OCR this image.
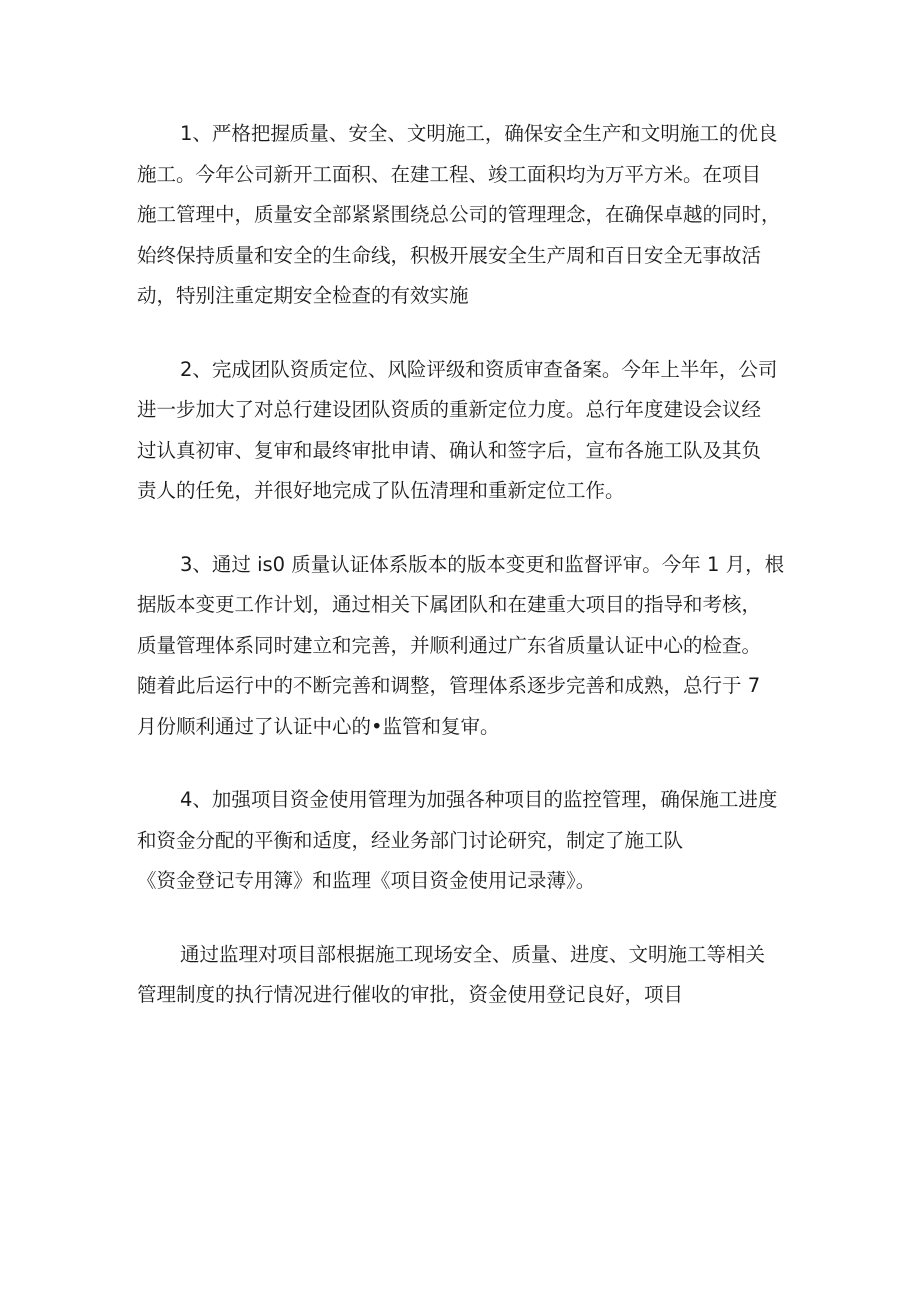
1、严格把握质量、安全、文明施工，确保安全生产和文明施工的优良
施工。今年公司新开工面积、在建工程、竣工面积均为万平方米。在项目
施工管理中，质量安全部紧紧围绕总公司的管理理念，在确保卓越的同时，
始终保持质量和安全的生命线，积极开展安全生产周和百日安全无事故活
动，特别注重定期安全检查的有效实施

2、完成团队资质定位、风险评级和资质审查备案。今年上半年，公司
进一步加大了对总行建设团队资质的重新定位力度。总行年度建设会议经
过认真初审、复审和最终审批申请、确认和签字后，宣布各施工队及其负
责人的任免，并很好地完成了队伍清理和重新定位工作。

3、通过 is0 质量认证体系版本的版本变更和监督评审。今年 1 月，根
据版本变更工作计划，通过相关下属团队和在建重大项目的指导和考核，
质量管理体系同时建立和完善，并顺利通过广东省质量认证中心的检查。
随着此后运行中的不断完善和调整，管理体系逐步完善和成熟，总行于 7
月份顺利通过了认证中心的•监管和复审。

4、加强项目资金使用管理为加强各种项目的监控管理，确保施工进度
和资金分配的平衡和适度，经业务部门讨论研究，制定了施工队
《资金登记专用簿》和监理《项目资金使用记录薄》。

通过监理对项目部根据施工现场安全、质量、进度、文明施工等相关
管理制度的执行情况进行催收的审批，资金使用登记良好，项目
